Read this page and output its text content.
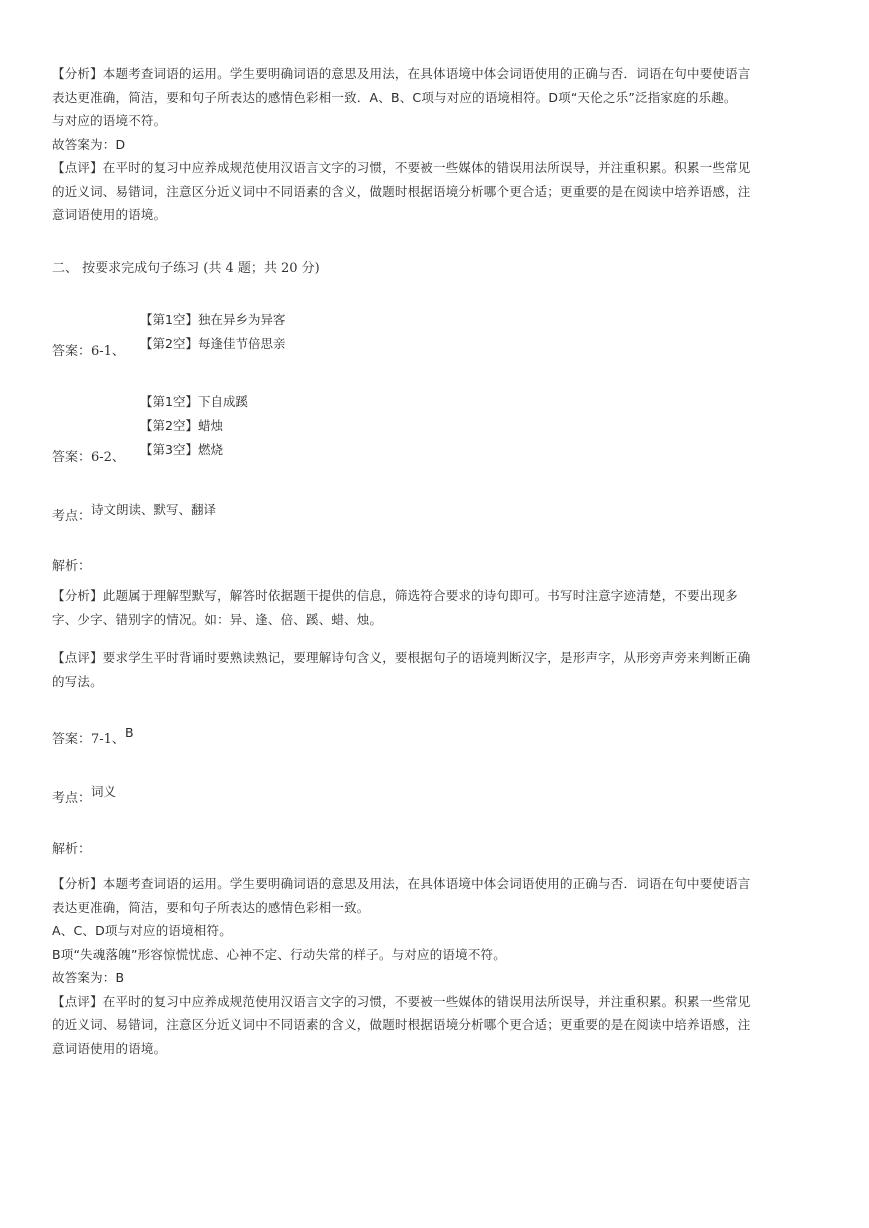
【分析】本题考查词语的运用。学生要明确词语的意思及用法，在具体语境中体会词语使用的正确与否．词语在句中要使语言

表达更准确，简洁，要和句子所表达的感情色彩相一致．A、B、C项与对应的语境相符。D项“天伦之乐”泛指家庭的乐趣。

与对应的语境不符。

故答案为：D

【点评】在平时的复习中应养成规范使用汉语言文字的习惯，不要被一些媒体的错误用法所误导，并注重积累。积累一些常见

的近义词、易错词，注意区分近义词中不同语素的含义，做题时根据语境分析哪个更合适；更重要的是在阅读中培养语感，注

意词语使用的语境。

二、 按要求完成句子练习 (共 4 题；共 20 分)

【第1空】独在异乡为异客

【第2空】每逢佳节倍思亲

答案：6-1、

【第1空】下自成蹊

【第2空】蜡烛

【第3空】燃烧

答案：6-2、
考点：诗文朗读、默写、翻译
解析：

【分析】此题属于理解型默写，解答时依据题干提供的信息，筛选符合要求的诗句即可。书写时注意字迹清楚，不要出现多

字、少字、错别字的情况。如：异、逢、倍、蹊、蜡、烛。

【点评】要求学生平时背诵时要熟读熟记，要理解诗句含义，要根据句子的语境判断汉字，是形声字，从形旁声旁来判断正确

的写法。

答案：7-1、B
考点：词义
解析：

【分析】本题考查词语的运用。学生要明确词语的意思及用法，在具体语境中体会词语使用的正确与否．词语在句中要使语言

表达更准确，简洁，要和句子所表达的感情色彩相一致。

A、C、D项与对应的语境相符。

B项“失魂落魄”形容惊慌忧虑、心神不定、行动失常的样子。与对应的语境不符。

故答案为：B

【点评】在平时的复习中应养成规范使用汉语言文字的习惯，不要被一些媒体的错误用法所误导，并注重积累。积累一些常见

的近义词、易错词，注意区分近义词中不同语素的含义，做题时根据语境分析哪个更合适；更重要的是在阅读中培养语感，注

意词语使用的语境。
